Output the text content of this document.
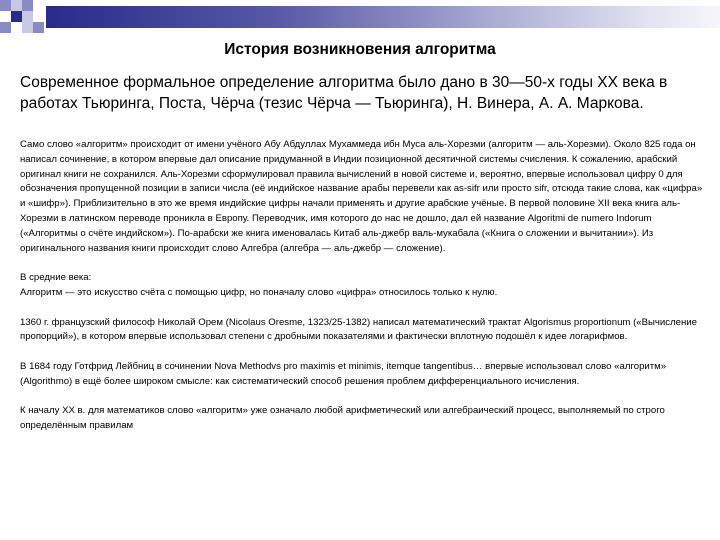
История возникновения алгоритма

Современное формальное определение алгоритма было дано в 30—50-х годы XX века в работах Тьюринга, Поста, Чёрча (тезис Чёрча — Тьюринга), Н. Винера, А. А. Маркова.

Само слово «алгоритм» происходит от имени учёного Абу Абдуллах Мухаммеда ибн Муса аль-Хорезми (алгоритм — аль-Хорезми). Около 825 года он написал сочинение, в котором впервые дал описание придуманной в Индии позиционной десятичной системы счисления. К сожалению, арабский оригинал книги не сохранился. Аль-Хорезми сформулировал правила вычислений в новой системе и, вероятно, впервые использовал цифру 0 для обозначения пропущенной позиции в записи числа (её индийское название арабы перевели как as-sifr или просто sifr, отсюда такие слова, как «цифра» и «шифр»). Приблизительно в это же время индийские цифры начали применять и другие арабские учёные. В первой половине XII века книга аль-Хорезми в латинском переводе проникла в Европу. Переводчик, имя которого до нас не дошло, дал ей название Algoritmi de numero Indorum («Алгоритмы о счёте индийском»). По-арабски же книга именовалась Китаб аль-джебр валь-мукабала («Книга о сложении и вычитании»). Из оригинального названия книги происходит слово Алгебра (алгебра — аль-джебр — сложение).

В средние века:

Алгоритм — это искусство счёта с помощью цифр, но поначалу слово «цифра» относилось только к нулю.

1360 г. французский философ Николай Орем (Nicolaus Oresme, 1323/25-1382) написал математический трактат Algorismus proportionum («Вычисление пропорций»), в котором впервые использовал степени с дробными показателями и фактически вплотную подошёл к идее логарифмов.

В 1684 году Готфрид Лейбниц в сочинении Nova Methodvs pro maximis et minimis, itemque tangentibus… впервые использовал слово «алгоритм» (Algorithmo) в ещё более широком смысле: как систематический способ решения проблем дифференциального исчисления.

К началу XX в. для математиков слово «алгоритм» уже означало любой арифметический или алгебраический процесс, выполняемый по строго определённым правилам
